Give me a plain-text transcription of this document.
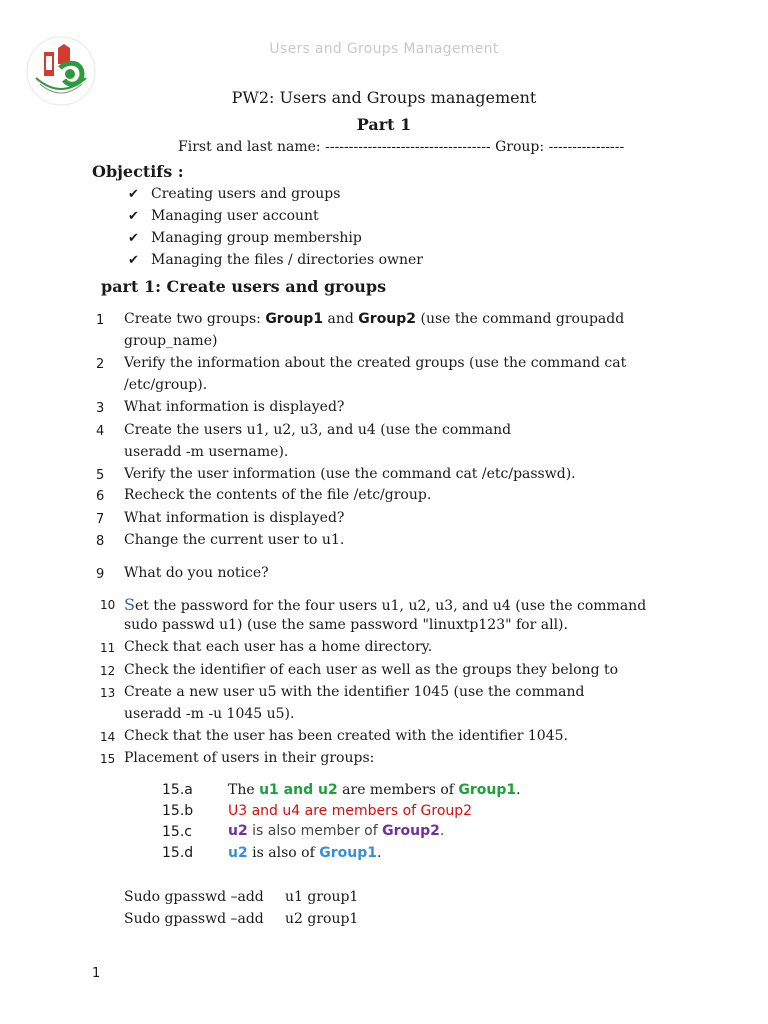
Users and Groups Management
PW2: Users and Groups management
Part 1
First and last name: ----------------------------------- Group: ----------------
Objectifs :
✔ Creating users and groups
✔ Managing user account
✔ Managing group membership
✔ Managing the files / directories owner
part 1: Create users and groups
1	Create two groups: Group1 and Group2 (use the command groupadd
group_name)
2	Verify the information about the created groups (use the command cat
/etc/group).
3	What information is displayed?
4	Create the users u1, u2, u3, and u4 (use the command
useradd -m username).
5	Verify the user information (use the command cat /etc/passwd).
6	Recheck the contents of the file /etc/group.
7	What information is displayed?
8	Change the current user to u1.
9	What do you notice?
10 Set the password for the four users u1, u2, u3, and u4 (use the command
sudo passwd u1) (use the same password "linuxtp123" for all).
11 Check that each user has a home directory.
12 Check the identifier of each user as well as the groups they belong to
13 Create a new user u5 with the identifier 1045 (use the command
useradd -m -u 1045 u5).
14 Check that the user has been created with the identifier 1045.
15 Placement of users in their groups:
15.a	The u1 and u2 are members of Group1.
15.b U3 and u4 are members of Group2
15.c	u2 is also member of Group2.
15.d u2 is also of Group1.
Sudo gpasswd –add u1 group1
Sudo gpasswd –add u2 group1
1
